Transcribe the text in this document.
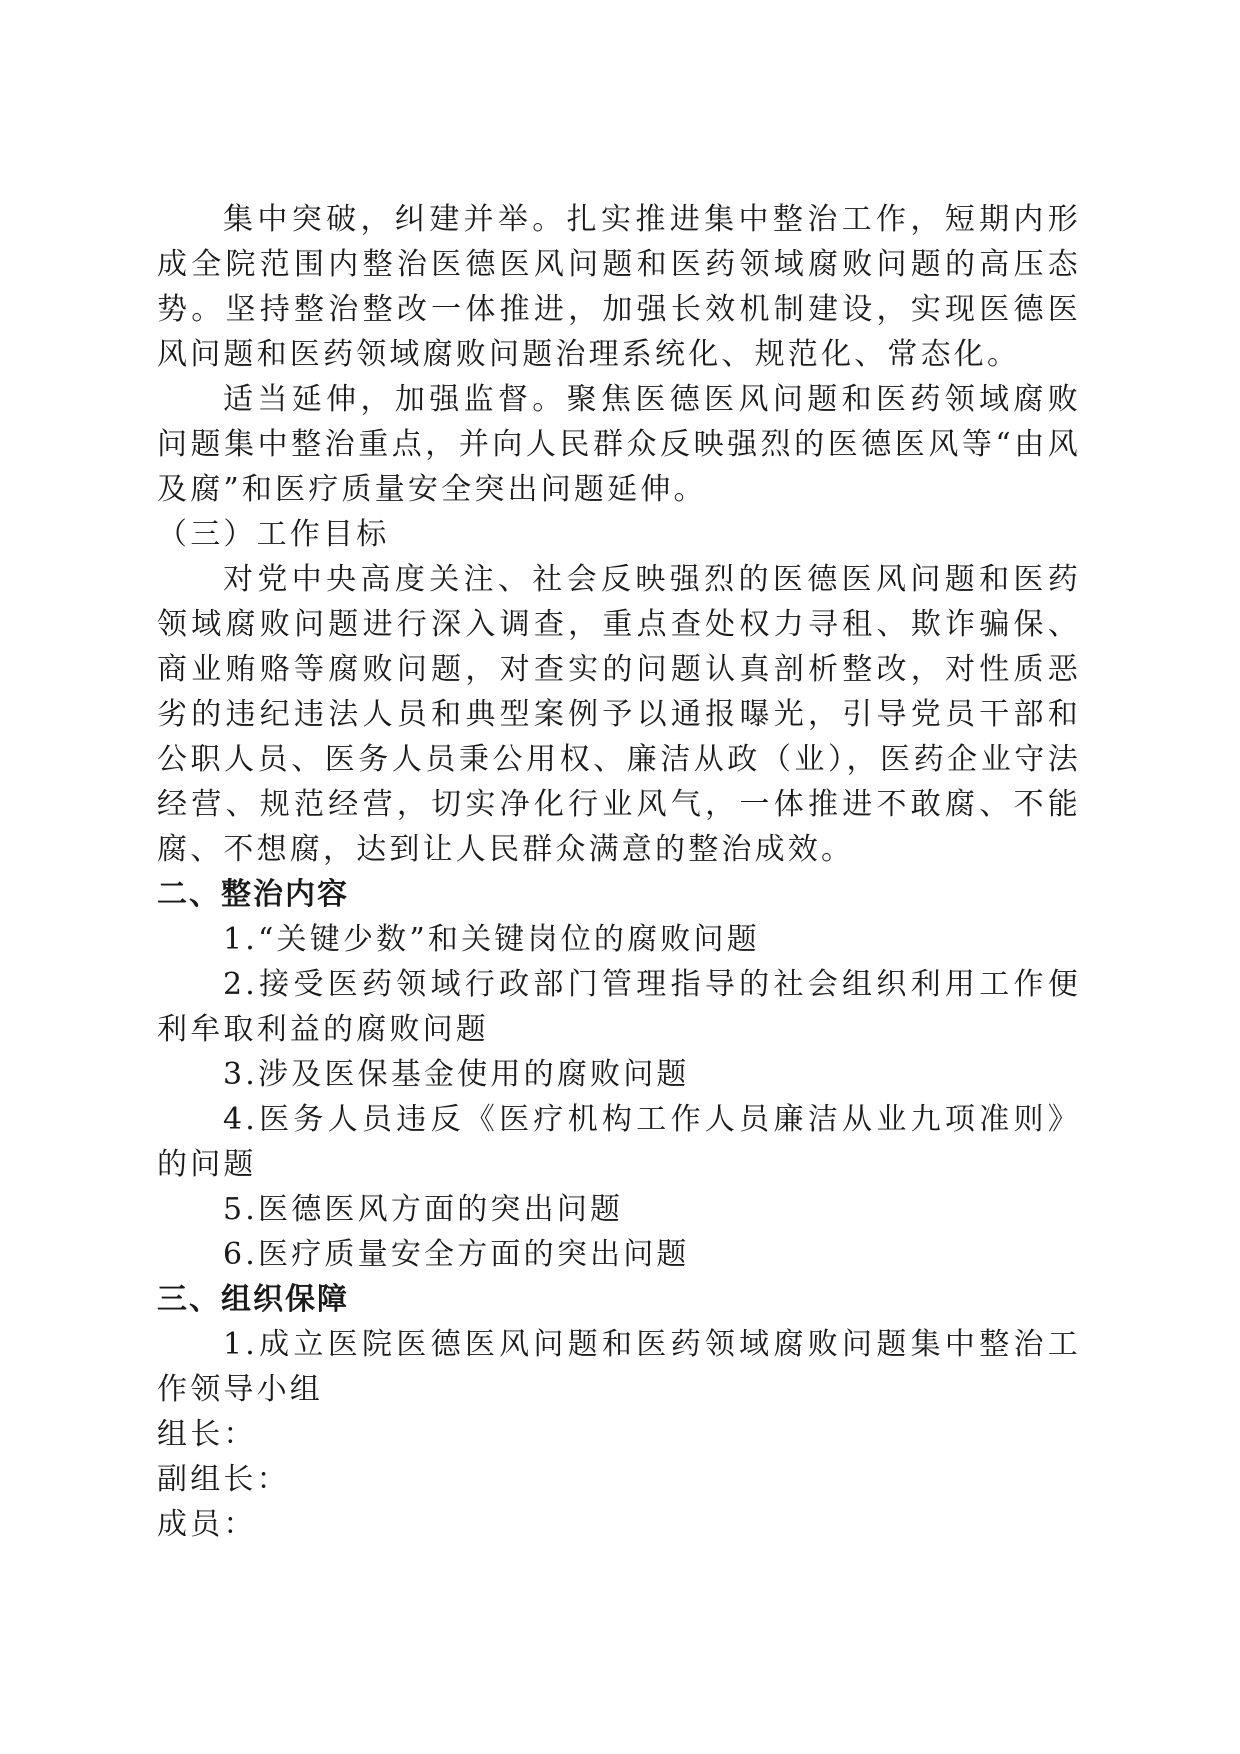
集中突破，纠建并举。扎实推进集中整治工作，短期内形成全院范围内整治医德医风问题和医药领域腐败问题的高压态势。坚持整治整改一体推进，加强长效机制建设，实现医德医风问题和医药领域腐败问题治理系统化、规范化、常态化。

适当延伸，加强监督。聚焦医德医风问题和医药领域腐败问题集中整治重点，并向人民群众反映强烈的医德医风等“由风及腐”和医疗质量安全突出问题延伸。

（三）工作目标

对党中央高度关注、社会反映强烈的医德医风问题和医药领域腐败问题进行深入调查，重点查处权力寻租、欺诈骗保、商业贿赂等腐败问题，对查实的问题认真剖析整改，对性质恶劣的违纪违法人员和典型案例予以通报曝光，引导党员干部和公职人员、医务人员秉公用权、廉洁从政（业），医药企业守法经营、规范经营，切实净化行业风气，一体推进不敢腐、不能腐、不想腐，达到让人民群众满意的整治成效。

二、整治内容

1.“关键少数”和关键岗位的腐败问题

2.接受医药领域行政部门管理指导的社会组织利用工作便利牟取利益的腐败问题

3.涉及医保基金使用的腐败问题

4.医务人员违反《医疗机构工作人员廉洁从业九项准则》的问题

5.医德医风方面的突出问题

6.医疗质量安全方面的突出问题

三、组织保障

1.成立医院医德医风问题和医药领域腐败问题集中整治工作领导小组

组长：

副组长：

成员：
